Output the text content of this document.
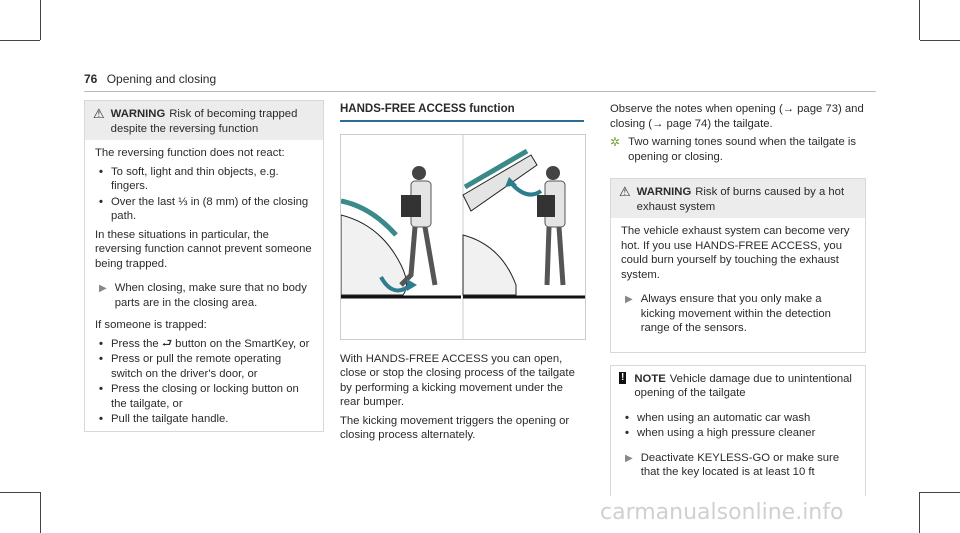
76 Opening and closing
⚠ WARNING Risk of becoming trapped despite the reversing function

The reversing function does not react:

• To soft, light and thin objects, e.g. fingers.
• Over the last ⅓ in (8 mm) of the closing path.

In these situations in particular, the reversing function cannot prevent someone being trapped.

▶ When closing, make sure that no body parts are in the closing area.

If someone is trapped:

• Press the ⮐ button on the SmartKey, or
• Press or pull the remote operating switch on the driver's door, or
• Press the closing or locking button on the tailgate, or
• Pull the tailgate handle.
HANDS-FREE ACCESS function

With HANDS-FREE ACCESS you can open, close or stop the closing process of the tailgate by performing a kicking movement under the rear bumper.

The kicking movement triggers the opening or closing process alternately.

Observe the notes when opening (→ page 73) and closing (→ page 74) the tailgate.

✲ Two warning tones sound when the tailgate is opening or closing.
⚠ WARNING Risk of burns caused by a hot exhaust system

The vehicle exhaust system can become very hot. If you use HANDS-FREE ACCESS, you could burn yourself by touching the exhaust system.

▶ Always ensure that you only make a kicking movement within the detection range of the sensors.
! NOTE Vehicle damage due to unintentional opening of the tailgate
• when using an automatic car wash
• when using a high pressure cleaner
▶ Deactivate KEYLESS-GO or make sure that the key located is at least 10 ft
carmanualsonline.info
